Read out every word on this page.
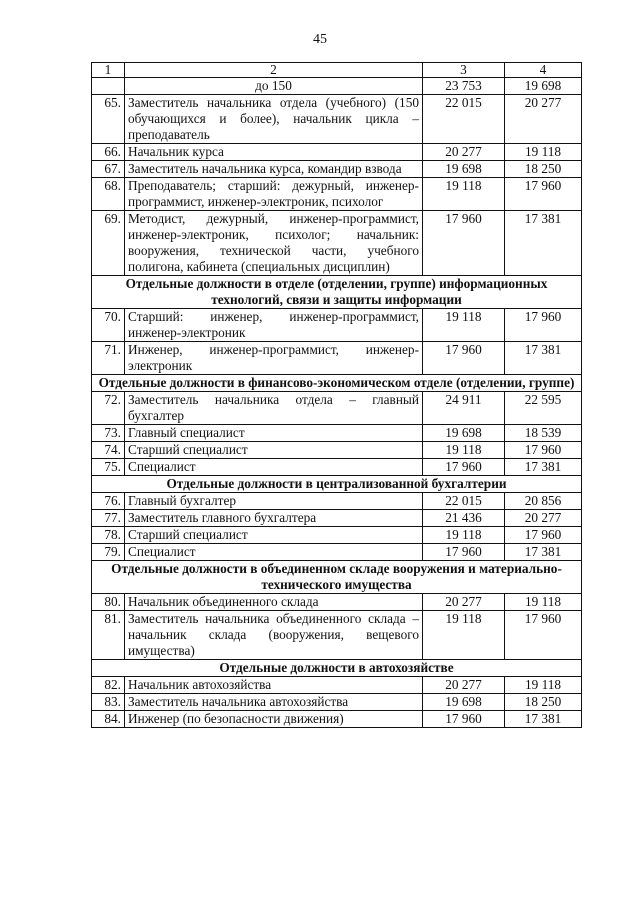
45
1	2	3	4
	до 150	23 753	19 698
65.	Заместитель начальника отдела (учебного) (150 обучающихся и более), начальник цикла – преподаватель	22 015	20 277
66.	Начальник курса	20 277	19 118
67.	Заместитель начальника курса, командир взвода	19 698	18 250
68.	Преподаватель; старший: дежурный, инженер-программист, инженер-электроник, психолог	19 118	17 960
69.	Методист, дежурный, инженер-программист, инженер-электроник, психолог; начальник: вооружения, технической части, учебного полигона, кабинета (специальных дисциплин)	17 960	17 381
Отдельные должности в отделе (отделении, группе) информационных технологий, связи и защиты информации			
70.	Старший: инженер, инженер-программист, инженер-электроник	19 118	17 960
71.	Инженер, инженер-программист, инженер-электроник	17 960	17 381
Отдельные должности в финансово-экономическом отделе (отделении, группе)			
72.	Заместитель начальника отдела – главный бухгалтер	24 911	22 595
73.	Главный специалист	19 698	18 539
74.	Старший специалист	19 118	17 960
75.	Специалист	17 960	17 381
Отдельные должности в централизованной бухгалтерии			
76.	Главный бухгалтер	22 015	20 856
77.	Заместитель главного бухгалтера	21 436	20 277
78.	Старший специалист	19 118	17 960
79.	Специалист	17 960	17 381
Отдельные должности в объединенном складе вооружения и материально-технического имущества			
80.	Начальник объединенного склада	20 277	19 118
81.	Заместитель начальника объединенного склада – начальник склада (вооружения, вещевого имущества)	19 118	17 960
Отдельные должности в автохозяйстве			
82.	Начальник автохозяйства	20 277	19 118
83.	Заместитель начальника автохозяйства	19 698	18 250
84.	Инженер (по безопасности движения)	17 960	17 381
